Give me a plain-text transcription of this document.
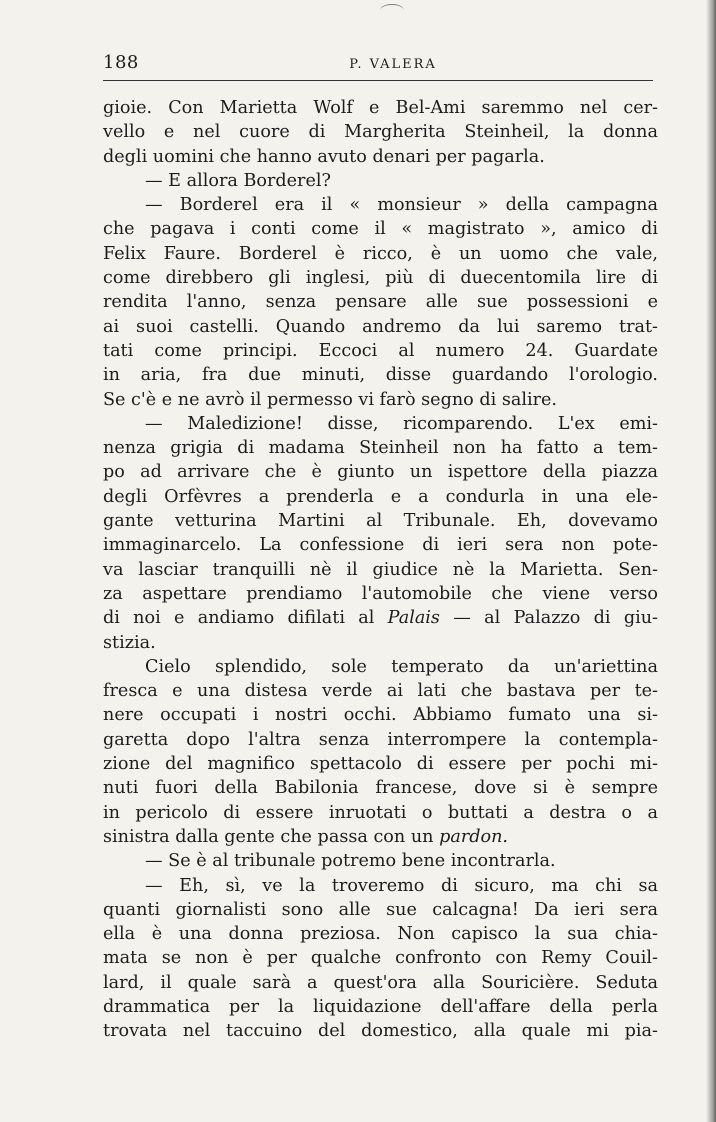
188	P. VALERA
gioie. Con Marietta Wolf e Bel-Ami saremmo nel cer-
vello e nel cuore di Margherita Steinheil, la donna
degli uomini che hanno avuto denari per pagarla.
— E allora Borderel?
— Borderel era il « monsieur » della campagna
che pagava i conti come il « magistrato », amico di
Felix Faure. Borderel è ricco, è un uomo che vale,
come direbbero gli inglesi, più di duecentomila lire di
rendita l'anno, senza pensare alle sue possessioni e
ai suoi castelli. Quando andremo da lui saremo trat-
tati come principi. Eccoci al numero 24. Guardate
in aria, fra due minuti, disse guardando l'orologio.
Se c'è e ne avrò il permesso vi farò segno di salire.
— Maledizione! disse, ricomparendo. L'ex emi-
nenza grigia di madama Steinheil non ha fatto a tem-
po ad arrivare che è giunto un ispettore della piazza
degli Orfèvres a prenderla e a condurla in una ele-
gante vetturina Martini al Tribunale. Eh, dovevamo
immaginarcelo. La confessione di ieri sera non pote-
va lasciar tranquilli nè il giudice nè la Marietta. Sen-
za aspettare prendiamo l'automobile che viene verso
di noi e andiamo difilati al Palais — al Palazzo di giu-
stizia.
Cielo splendido, sole temperato da un'ariettina
fresca e una distesa verde ai lati che bastava per te-
nere occupati i nostri occhi. Abbiamo fumato una si-
garetta dopo l'altra senza interrompere la contempla-
zione del magnifico spettacolo di essere per pochi mi-
nuti fuori della Babilonia francese, dove si è sempre
in pericolo di essere inruotati o buttati a destra o a
sinistra dalla gente che passa con un pardon.
— Se è al tribunale potremo bene incontrarla.
— Eh, sì, ve la troveremo di sicuro, ma chi sa
quanti giornalisti sono alle sue calcagna! Da ieri sera
ella è una donna preziosa. Non capisco la sua chia-
mata se non è per qualche confronto con Remy Couil-
lard, il quale sarà a quest'ora alla Souricière. Seduta
drammatica per la liquidazione dell'affare della perla
trovata nel taccuino del domestico, alla quale mi pia-
